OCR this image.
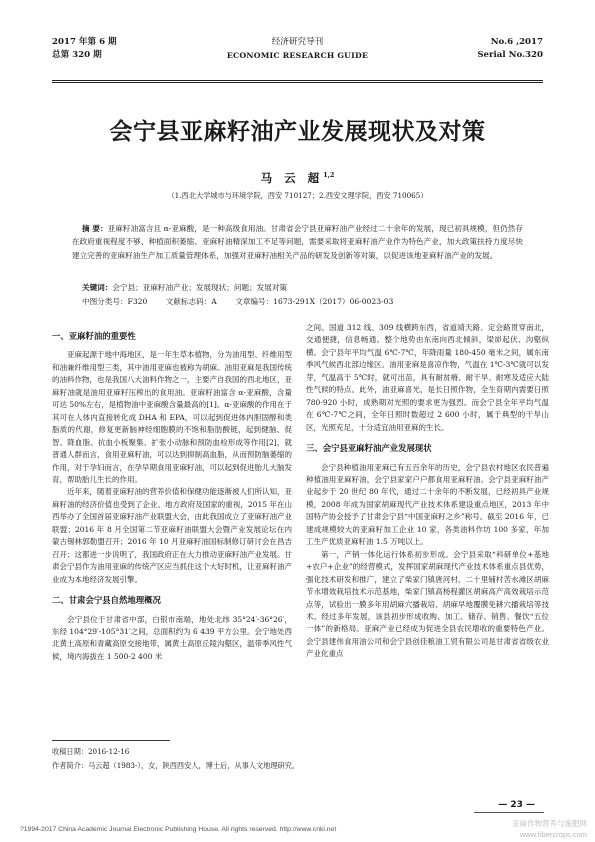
2017 年第 6 期
总第 320 期
经济研究导刊
ECONOMIC RESEARCH GUIDE
No.6 ,2017
Serial No.320
会宁县亚麻籽油产业发展现状及对策
马 云 超$^{1,2}$
（1.西北大学城市与环境学院，西安 710127；2.西安文理学院，西安 710065）
摘 要：亚麻籽油富含且 α-亚麻酸，是一种高级食用油。甘肃省会宁县亚麻籽油产业经过二十余年的发展，现已初具规模，但仍然存在政府重视程度不够、种植面积萎缩、亚麻籽油精深加工不足等问题，需要采取将亚麻籽油产业作为特色产业，加大政策扶持力度尽快建立完善的亚麻籽油生产加工质量管理体系，加强对亚麻籽油相关产品的研发及创新等对策，以促进该地亚麻籽油产业的发展。
关键词：会宁县；亚麻籽油产业；发展现状；问题；发展对策
中图分类号：F320 文献标志码：A 文章编号：1673-291X（2017）06-0023-03
一、亚麻籽油的重要性

亚麻起源于地中海地区，是一年生草本植物，分为油用型、纤维用型和油兼纤维用型三类，其中油用亚麻也被称为胡麻。油用亚麻是我国传统的油料作物，也是我国八大油料作物之一，主要产自我国的西北地区，亚麻籽油就是油用亚麻籽压榨出的食用油。亚麻籽油富含 α-亚麻酸，含量可达 50%左右，是植物油中亚麻酸含量最高的[1]。α-亚麻酸的作用在于其可在人体内直接转化成 DHA 和 EPA，可以起到促进体内胆固醇和类脂质的代谢，修复更新脑神经细胞膜的不饱和脂肪酸链，起到健脑、促智、降血脂、抗血小板聚集、扩张小动脉和预防血栓形成等作用[2]，就普通人群而言，食用亚麻籽油，可以达到抑制高血脂，从而预防脑萎缩的作用，对于孕妇而言，在孕早期食用亚麻籽油，可以起到促进胎儿大脑发育，帮助胎儿生长的作用。

近年来，随着亚麻籽油的营养价值和保健功能逐渐被人们所认知，亚麻籽油的经济价值也受到了企业、地方政府及国家的重视，2015 年在山西举办了全国首届亚麻籽油产业联盟大会，由此我国成立了亚麻籽油产业联盟；2016 年 8 月全国第二节亚麻籽油联盟大会暨产业发展论坛在内蒙古锡林郭勒盟召开；2016 年 10 月亚麻籽油国标制修订研讨会在昌吉召开；这都进一步说明了，我国政府正在大力推动亚麻籽油产业发展。甘肃会宁县作为油用亚麻的传统产区应当抓住这个大好时机，让亚麻籽油产业成为本地经济发展引擎。

二、甘肃会宁县自然地理概况

会宁县位于甘肃省中部，白银市南端，地处北纬 35°24′-36°26′，东经 104°29′-105°31′之间，总面积约为 6 439 平方公里。会宁地处西北黄土高原和青藏高原交接地带，属黄土高原丘陵沟壑区，温带季风性气候，境内海拔在 1 500-2 400 米

之间。国道 312 线、309 线横跨东西，省道靖天路、定会路贯穿南北，交通便捷，信息畅通。整个地势由东南向西北倾斜，梁峁起伏、沟壑纵横。会宁县年平均气温 6℃-7℃，年降雨量 180-450 毫米之间，属东南季风气候西北部边缘区。油用亚麻是喜凉作物，气温在 1℃-3℃就可以发芽，气温高于 5℃时，就可出苗，具有耐贫瘠、耐干旱、耐寒及适应大陆性气候的特点。此外，油亚麻喜光，是长日照作物，全生育期内需要日照 780-920 小时，成熟期对光照的要求更为强烈。而会宁县全年平均气温在 6℃-7℃之间，全年日照时数超过 2 600 小时，属于典型的干旱山区，光照充足，十分适宜油用亚麻的生长。

三、会宁县亚麻籽油产业发展现状

会宁县种植油用亚麻已有五百余年的历史，会宁县农村地区农民普遍种植油用亚麻籽油，会宁县家家户户都食用亚麻籽油。会宁县亚麻籽油产业起步于 20 世纪 80 年代，通过二十余年的不断发展，已经初具产业规模，2008 年成为国家胡麻现代产业技术体系建设重点地区，2013 年中国特产协会授予了甘肃会宁县“中国亚麻籽之乡”称号。截至 2016 年，已建成规模较大的亚麻籽加工企业 10 家，各类油料作坊 100 多家，年加工生产优质亚麻籽油 1.5 万吨以上。

第一，产销一体化运行体系初步形成。会宁县采取“科研单位+基地+农户+企业”的经营模式，发挥国家胡麻现代产业技术体系重点县优势，强化技术研发和推广，建立了柴家门镇唐河村、二十里铺村苦水滩区胡麻节水增效栽培技术示范基地，柴家门镇高杨程灌区胡麻高产高效栽培示范点等，试验出一膜多年用胡麻穴播栽培、胡麻早地覆膜免耕穴播栽培等技术。经过多年发展，该县初步形成收购、加工、储存、销售、餐饮“五位一体”的新格局。亚麻产业已经成为促进全县农民增收的重要特色产业。会宁县建伟食用油公司和会宁县创佳粮油工贸有限公司是甘肃省省级农业产业化重点

收稿日期：2016-12-16
作者简介：马云超（1983-），女，陕西西安人，博士后，从事人文地理研究。
— 23 —
?1994-2017 China Academic Journal Electronic Publishing House. All rights reserved. http://www.cnki.net
亚麻作物营养与施肥网
www.fibercrops.com
